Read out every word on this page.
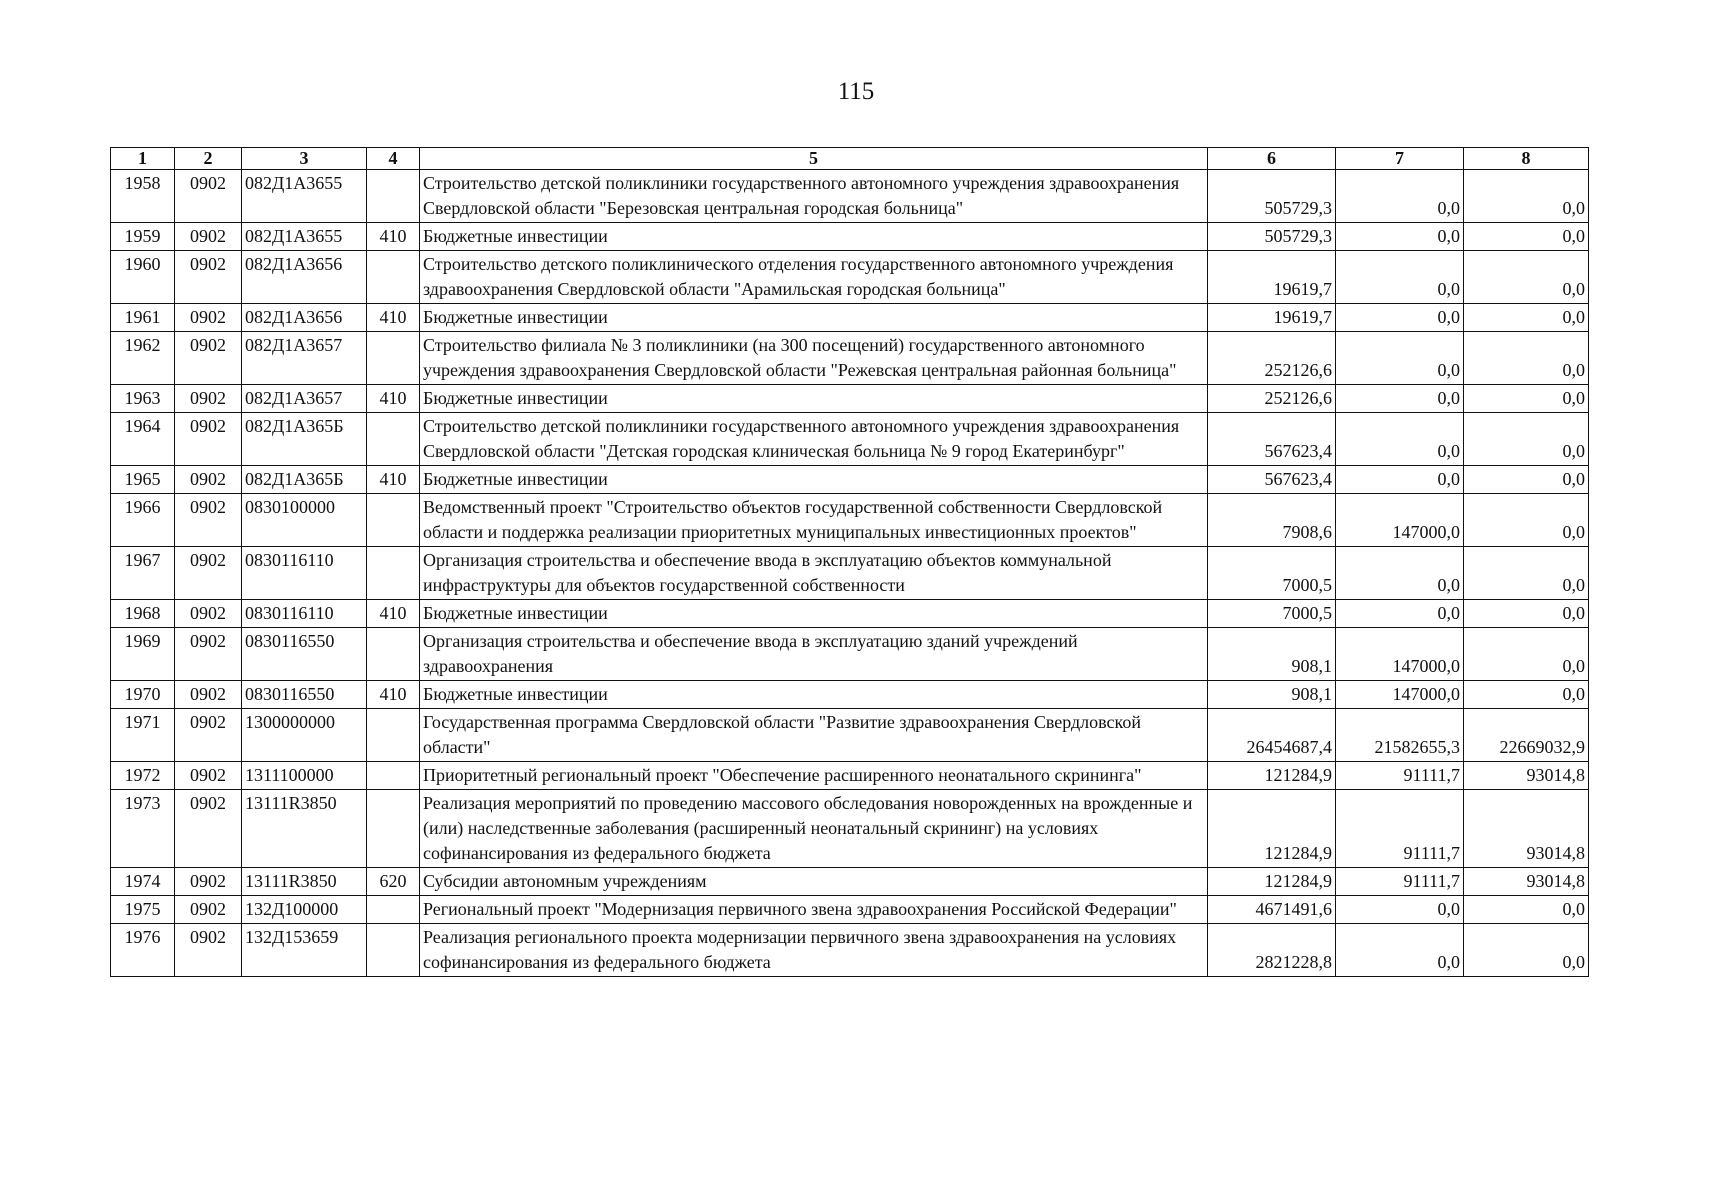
115
1	2	3	4	5	6	7	8
1958	0902	082Д1А3655		Строительство детской поликлиники государственного автономного учреждения здравоохранения Свердловской области "Березовская центральная городская больница"	505729,3	0,0	0,0
1959	0902	082Д1А3655	410	Бюджетные инвестиции	505729,3	0,0	0,0
1960	0902	082Д1А3656		Строительство детского поликлинического отделения государственного автономного учреждения здравоохранения Свердловской области "Арамильская городская больница"	19619,7	0,0	0,0
1961	0902	082Д1А3656	410	Бюджетные инвестиции	19619,7	0,0	0,0
1962	0902	082Д1А3657		Строительство филиала № 3 поликлиники (на 300 посещений) государственного автономного учреждения здравоохранения Свердловской области "Режевская центральная районная больница"	252126,6	0,0	0,0
1963	0902	082Д1А3657	410	Бюджетные инвестиции	252126,6	0,0	0,0
1964	0902	082Д1А365Б		Строительство детской поликлиники государственного автономного учреждения здравоохранения Свердловской области "Детская городская клиническая больница № 9 город Екатеринбург"	567623,4	0,0	0,0
1965	0902	082Д1А365Б	410	Бюджетные инвестиции	567623,4	0,0	0,0
1966	0902	0830100000		Ведомственный проект "Строительство объектов государственной собственности Свердловской области и поддержка реализации приоритетных муниципальных инвестиционных проектов"	7908,6	147000,0	0,0
1967	0902	0830116110		Организация строительства и обеспечение ввода в эксплуатацию объектов коммунальной инфраструктуры для объектов государственной собственности	7000,5	0,0	0,0
1968	0902	0830116110	410	Бюджетные инвестиции	7000,5	0,0	0,0
1969	0902	0830116550		Организация строительства и обеспечение ввода в эксплуатацию зданий учреждений здравоохранения	908,1	147000,0	0,0
1970	0902	0830116550	410	Бюджетные инвестиции	908,1	147000,0	0,0
1971	0902	1300000000		Государственная программа Свердловской области "Развитие здравоохранения Свердловской области"	26454687,4	21582655,3	22669032,9
1972	0902	1311100000		Приоритетный региональный проект "Обеспечение расширенного неонатального скрининга"	121284,9	91111,7	93014,8
1973	0902	13111R3850		Реализация мероприятий по проведению массового обследования новорожденных на врожденные и (или) наследственные заболевания (расширенный неонатальный скрининг) на условиях софинансирования из федерального бюджета	121284,9	91111,7	93014,8
1974	0902	13111R3850	620	Субсидии автономным учреждениям	121284,9	91111,7	93014,8
1975	0902	132Д100000		Региональный проект "Модернизация первичного звена здравоохранения Российской Федерации"	4671491,6	0,0	0,0
1976	0902	132Д153659		Реализация регионального проекта модернизации первичного звена здравоохранения на условиях софинансирования из федерального бюджета	2821228,8	0,0	0,0
